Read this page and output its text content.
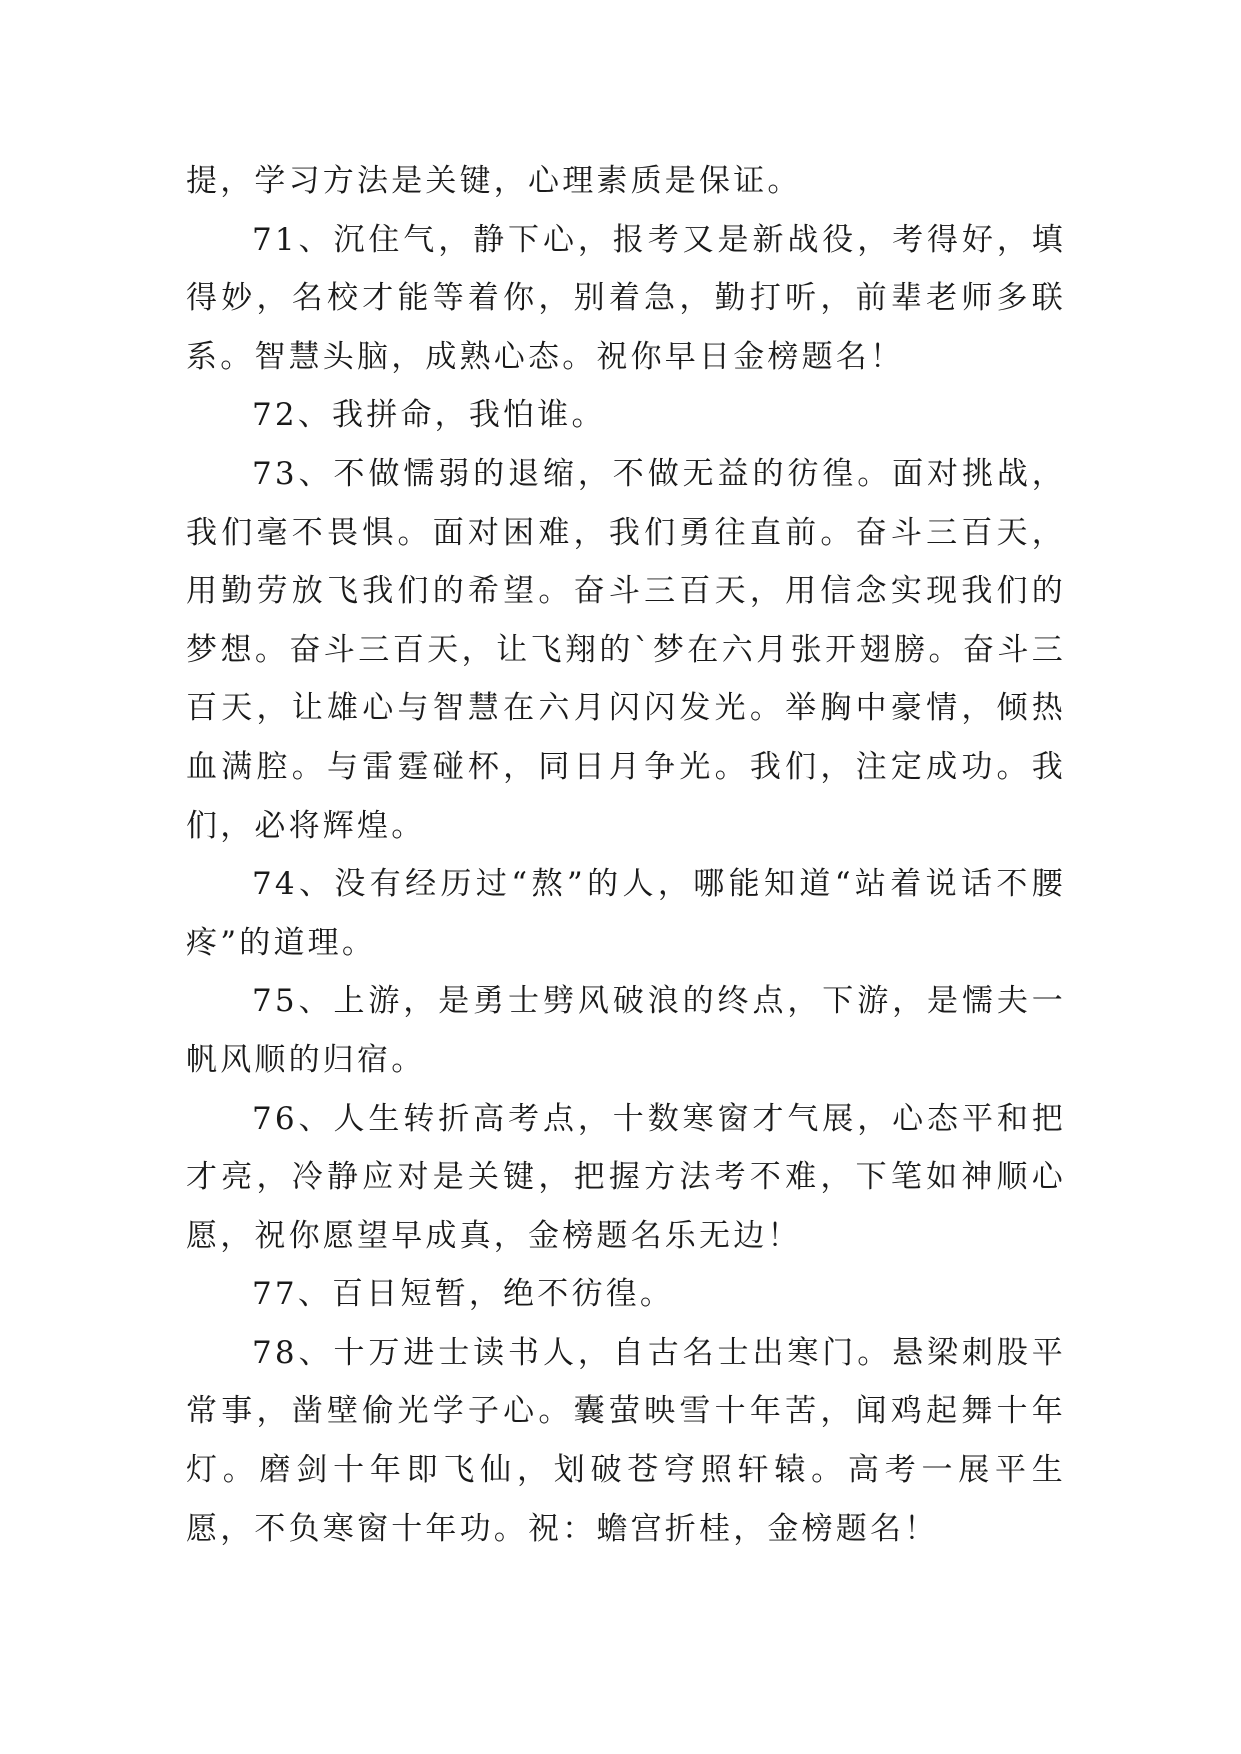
提，学习方法是关键，心理素质是保证。

71、沉住气，静下心，报考又是新战役，考得好，填得妙，名校才能等着你，别着急，勤打听，前辈老师多联系。智慧头脑，成熟心态。祝你早日金榜题名！

72、我拼命，我怕谁。

73、不做懦弱的退缩，不做无益的彷徨。面对挑战，我们毫不畏惧。面对困难，我们勇往直前。奋斗三百天，用勤劳放飞我们的希望。奋斗三百天，用信念实现我们的梦想。奋斗三百天，让飞翔的`梦在六月张开翅膀。奋斗三百天，让雄心与智慧在六月闪闪发光。举胸中豪情，倾热血满腔。与雷霆碰杯，同日月争光。我们，注定成功。我们，必将辉煌。

74、没有经历过“熬”的人，哪能知道“站着说话不腰疼”的道理。

75、上游，是勇士劈风破浪的终点，下游，是懦夫一帆风顺的归宿。

76、人生转折高考点，十数寒窗才气展，心态平和把才亮，冷静应对是关键，把握方法考不难，下笔如神顺心愿，祝你愿望早成真，金榜题名乐无边！

77、百日短暂，绝不彷徨。

78、十万进士读书人，自古名士出寒门。悬梁刺股平常事，凿壁偷光学子心。囊萤映雪十年苦，闻鸡起舞十年灯。磨剑十年即飞仙，划破苍穹照轩辕。高考一展平生愿，不负寒窗十年功。祝：蟾宫折桂，金榜题名！
